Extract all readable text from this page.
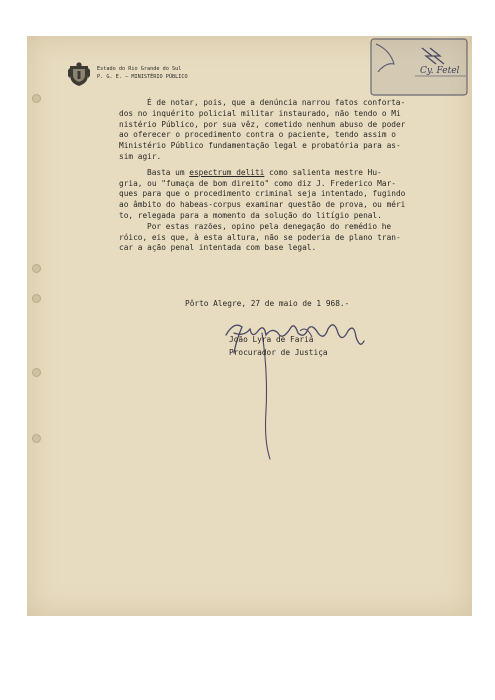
Estado do Rio Grande do Sul
P. G. E. — MINISTÉRIO PÚBLICO
Cy. Fetel
É de notar, pois, que a denúncia narrou fatos conforta-
dos no inquérito policial militar instaurado, não tendo o Mi
nistério Público, por sua vêz, cometido nenhum abuso de poder
ao oferecer o procedimento contra o paciente, tendo assim o
Ministério Público fundamentação legal e probatória para as-
sim agir.
Basta um espectrum deliti como salienta mestre Hu-
gria, ou "fumaça de bom direito" como diz J. Frederico Mar-
ques para que o procedimento criminal seja intentado, fugindo
ao âmbito do habeas-corpus examinar questão de prova, ou méri
to, relegada para a momento da solução do litígio penal.
Por estas razões, opino pela denegação do remédio he
róico, eis que, à esta altura, não se poderia de plano tran-
car a ação penal intentada com base legal.
Pôrto Alegre, 27 de maio de 1 968.-
João Lyra de Faria
Procurador de Justiça
